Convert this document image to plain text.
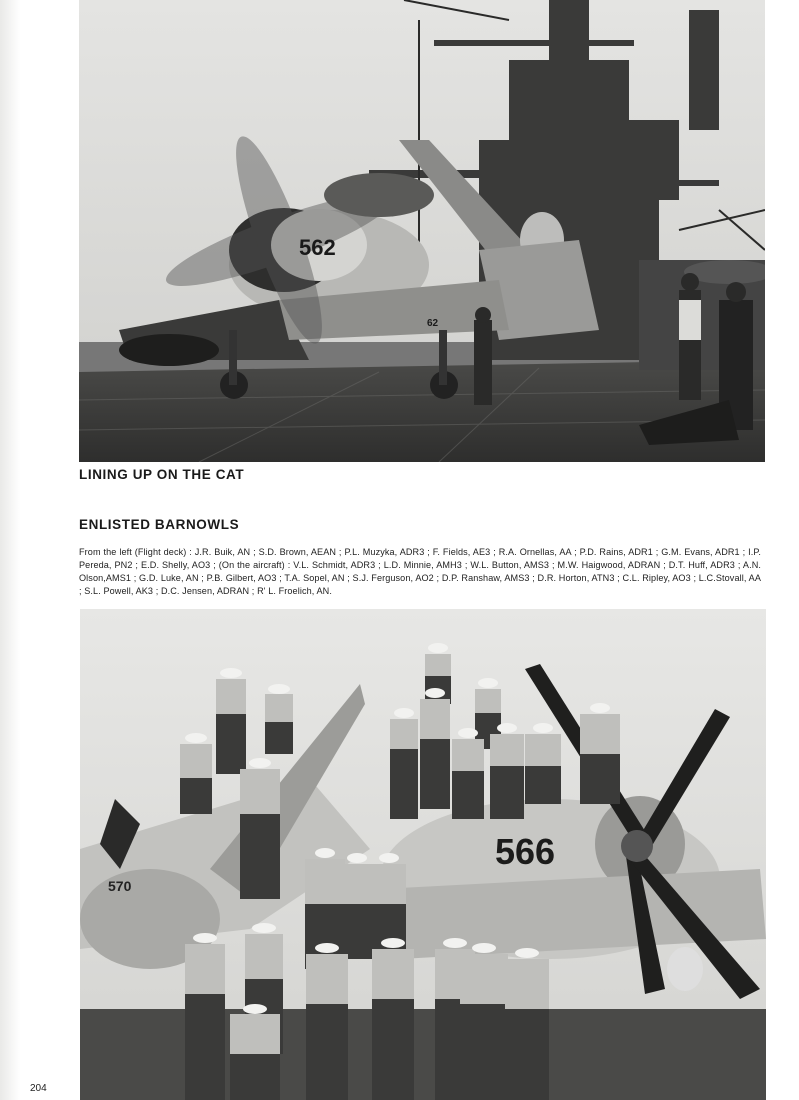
562
62

LINING UP ON THE CAT

ENLISTED BARNOWLS

From the left (Flight deck) : J.R. Buik, AN ; S.D. Brown, AEAN ; P.L. Muzyka, ADR3 ; F. Fields, AE3 ; R.A. Ornellas, AA ; P.D. Rains, ADR1 ; G.M. Evans, ADR1 ; I.P. Pereda, PN2 ; E.D. Shelly, AO3 ; (On the aircraft) : V.L. Schmidt, ADR3 ; L.D. Minnie, AMH3 ; W.L. Button, AMS3 ; M.W. Haigwood, ADRAN ; D.T. Huff, ADR3 ; A.N. Olson,AMS1 ; G.D. Luke, AN ; P.B. Gilbert, AO3 ; T.A. Sopel, AN ; S.J. Ferguson, AO2 ; D.P. Ranshaw, AMS3 ; D.R. Horton, ATN3 ; C.L. Ripley, AO3 ; L.C.Stovall, AA ; S.L. Powell, AK3 ; D.C. Jensen, ADRAN ; R' L. Froelich, AN.

570
566
204
